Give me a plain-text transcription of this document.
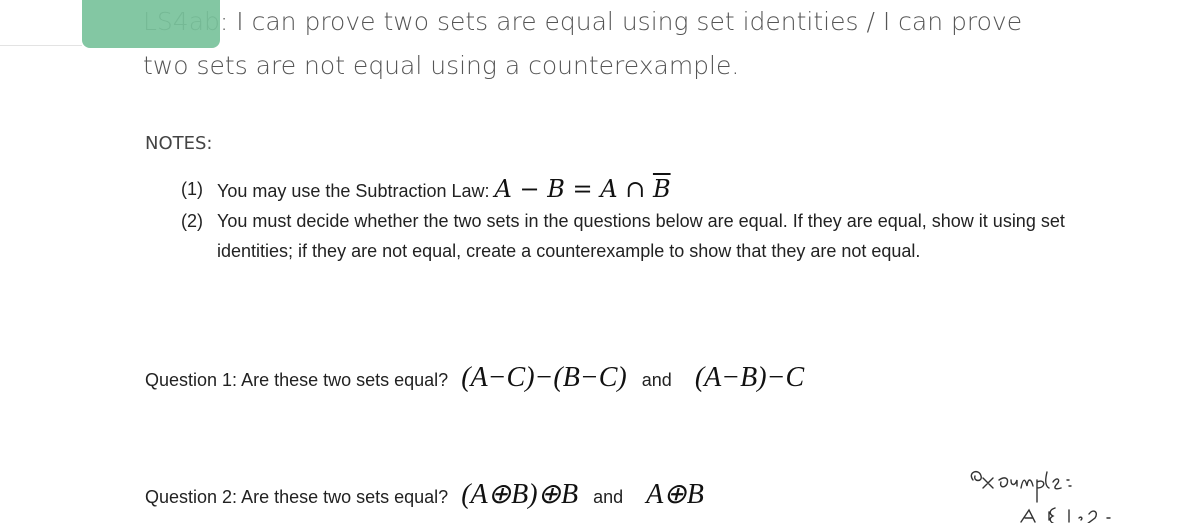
: I can prove two sets are equal using set identities / I can prove
two sets are not equal using a counterexample.
NOTES:
(1) You may use the Subtraction Law: A − B = A ∩ $\overline{B}$
(2) You must decide whether the two sets in the questions below are equal. If they are equal, show it using set identities; if they are not equal, create a counterexample to show that they are not equal.
Question 1: Are these two sets equal? (A−C)−(B−C) and (A−B)−C
Question 2: Are these two sets equal? (A⊕B)⊕B and A⊕B
